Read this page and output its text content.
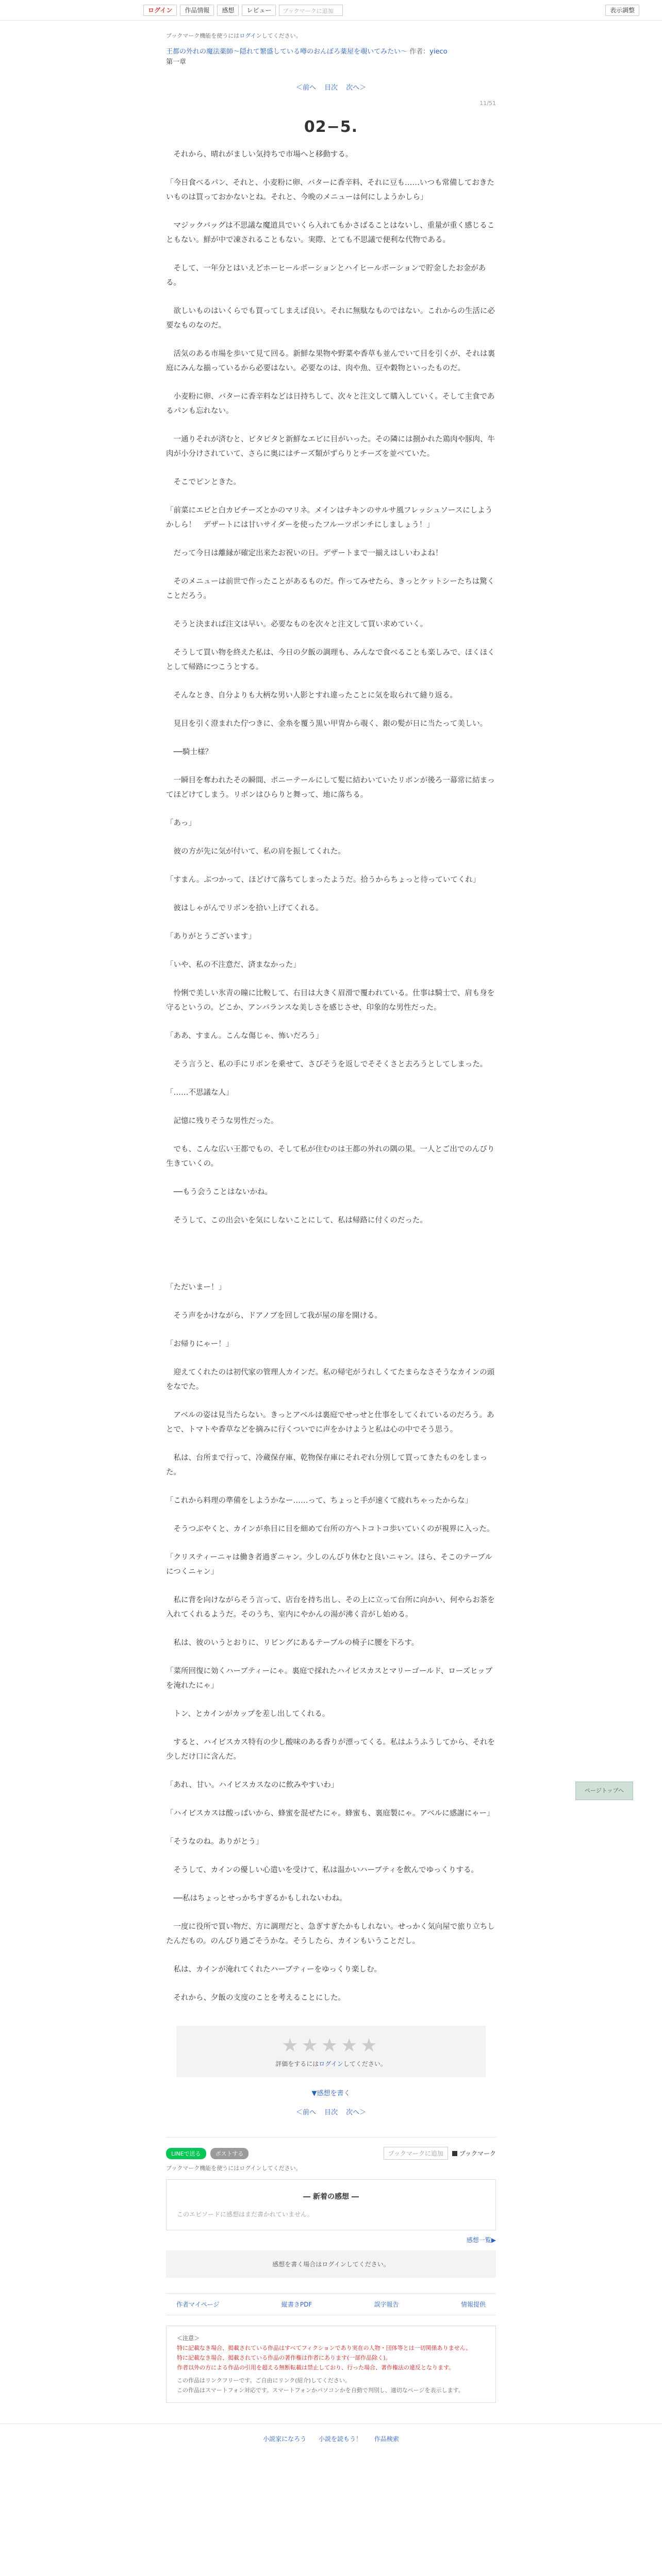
ログイン	作品情報	感想	レビュー	ブックマークに追加	表示調整
ブックマーク機能を使うにはログインしてください。
王都の外れの魔法薬師〜隠れて繁盛している噂のおんぼろ薬屋を覗いてみたい〜 作者：yieco
第一章
＜前へ 目次 次へ＞
11/51
02−5.

　それから、晴れがましい気持ちで市場へと移動する。

「今日食べるパン、それと、小麦粉に卵、バターに香辛料、それに豆も……いつも常備しておきたいものは買っておかないとね。それと、今晩のメニューは何にしようかしら」

　マジックバッグは不思議な魔道具でいくら入れてもかさばることはないし、重量が重く感じることもない。鮮が中で凍されることもない。実際、とても不思議で便利な代物である。

　そして、一年分とはいえどホーヒールポーションとハイヒールポーションで貯金したお金がある。

　欲しいものはいくらでも買ってしまえば良い。それに無駄なものではない。これからの生活に必要なものなのだ。

　活気のある市場を歩いて見て回る。新鮮な果物や野菜や香草も並んでいて目を引くが、それは裏庭にみんな揃っているから必要はない。必要なのは、肉や魚、豆や穀物といったものだ。

　小麦粉に卵、バターに香辛料などは日持ちして、次々と注文して購入していく。そして主食であるパンも忘れない。

　一通りそれが済むと、ピタピタと新鮮なエビに目がいった。その隣には捌かれた鶏肉や豚肉、牛肉が小分けされていて、さらに奥にはチーズ類がずらりとチーズを並べていた。

　そこでピンときた。

「前菜にエビと白カビチーズとかのマリネ。メインはチキンのサルサ風フレッシュソースにしようかしら！　デザートには甘いサイダーを使ったフルーツポンチにしましょう！」

　だって今日は離縁が確定出来たお祝いの日。デザートまで一揃えはしいわよね！

　そのメニューは前世で作ったことがあるものだ。作ってみせたら、きっとケットシーたちは驚くことだろう。

　そうと決まれば注文は早い。必要なものを次々と注文して買い求めていく。

　そうして買い物を終えた私は、今日の夕飯の調理も、みんなで食べることも楽しみで、ほくほくとして帰路につこうとする。

　そんなとき、自分よりも大柄な男い人影とすれ違ったことに気を取られて縫り返る。

　見目を引く澄まれた佇つきに、金糸を覆う黒い甲冑から覗く、銀の髪が日に当たって美しい。

　──騎士様？

　一瞬目を奪われたその瞬間、ポニーテールにして髪に結わいていたリボンが後ろ一幕常に結まってほどけてしまう。リボンはひらりと舞って、地に落ちる。

「あっ」

　彼の方が先に気が付いて、私の肩を振してくれた。

「すまん。ぶつかって、ほどけて落ちてしまったようだ。拾うからちょっと待っていてくれ」

　彼はしゃがんでリボンを拾い上げてくれる。

「ありがとうございます」

「いや、私の不注意だ、済まなかった」

　怜悧で美しい氷青の瞳に比較して、右目は大きく眉滑で覆われている。仕事は騎士で、肩も身を守るというの。どこか、アンバランスな美しさを感じさせ、印象的な男性だった。

「ああ、すまん。こんな傷じゃ、怖いだろう」

　そう言うと、私の手にリボンを乗せて、さびそうを返しでそそくさと去ろうとしてしまった。

「……不思議な人」

　記憶に残りそうな男性だった。

　でも、こんな広い王都でもの、そして私が住むのは王都の外れの隅の果。一人とご出でのんびり生きていくの。

　──もう会うことはないかね。

　そうして、この出会いを気にしないことにして、私は帰路に付くのだった。

「ただいまー！」

　そう声をかけながら、ドアノブを回して我が屋の扉を開ける。

「お帰りにゃー！」

　迎えてくれたのは初代家の管理人カインだ。私の帰宅がうれしくてたまらなさそうなカインの頭をなでた。

　アベルの姿は見当たらない。きっとアベルは裏庭でせっせと仕事をしてくれているのだろう。あとで、トマトや香草などを摘みに行くついでに声をかけようと私は心の中でそう思う。

　私は、台所まで行って、冷蔵保存庫、乾物保存庫にそれぞれ分別して買ってきたものをしまった。

「これから料理の準備をしようかなー……って、ちょっと手が速くて疲れちゃったからな」

　そうつぶやくと、カインが糸目に目を細めて台所の方へトコトコ歩いていくのが視界に入った。

「クリスティーニャは働き者過ぎニャン。少しのんびり休むと良いニャン。ほら、そこのテーブルにつくニャン」

　私に背を向けながらそう言って、店台を持ち出し、その上に立って台所に向かい、何やらお茶を入れてくれるようだ。そのうち、室内にやかんの湯が沸く音がし始める。

　私は、彼のいうとおりに、リビングにあるテーブルの椅子に腰を下ろす。

「菜所回復に効くハーブティーにゃ。裏庭で採れたハイビスカスとマリーゴールド、ローズヒップを淹れたにゃ」

　トン、とカインがカップを差し出してくれる。

　すると、ハイビスカス特有の少し酸味のある香りが漂ってくる。私はふうふうしてから、それを少しだけ口に含んだ。

「あれ、甘い。ハイビスカスなのに飲みやすいわ」

「ハイビスカスは酸っぱいから、蜂蜜を混ぜたにゃ。蜂蜜も、裏庭製にゃ。アベルに感謝にゃー」

「そうなのね。ありがとう」

　そうして、カインの優しい心遣いを受けて、私は温かいハーブティを飲んでゆっくりする。

　──私はちょっとせっかちすぎるかもしれないわね。

　一度に役所で買い物だ、方に調理だと、急ぎすぎたかもしれない。せっかく気向屋で旅り立ちしたんだもの。のんびり過ごそうかな。そうしたら、カインもいうことだし。

　私は、カインが淹れてくれたハーブティーをゆっくり楽しむ。

　それから、夕飯の支度のことを考えることにした。

★★★★★
評価をするにはログインしてください。
▼感想を書く
＜前へ 目次 次へ＞
LINEで送る	ポストする	ブックマークに追加	ブックマーク
ブックマーク機能を使うにはログインしてください。
― 新着の感想 ―
このエピソードに感想はまだ書かれていません。
感想一覧▶
感想を書く場合はログインしてください。
作者マイページ	縦書きPDF	誤字報告	情報提供
＜注意＞
特に記載なき場合、掲載されている作品はすべてフィクションであり実在の人物・団体等とは一切関係ありません。
特に記載なき場合、掲載されている作品の著作権は作者にあります(一部作品除く)。
作者以外の方による作品の引用を超える無断転載は禁止しており、行った場合、著作権法の違反となります。
この作品はリンクフリーです。ご自由にリンク(紹介)してください。
この作品はスマートフォン対応です。スマートフォンかパソコンかを自動で判別し、適切なページを表示します。
小説家になろう 小説を読もう！ 作品検索
ページトップへ
